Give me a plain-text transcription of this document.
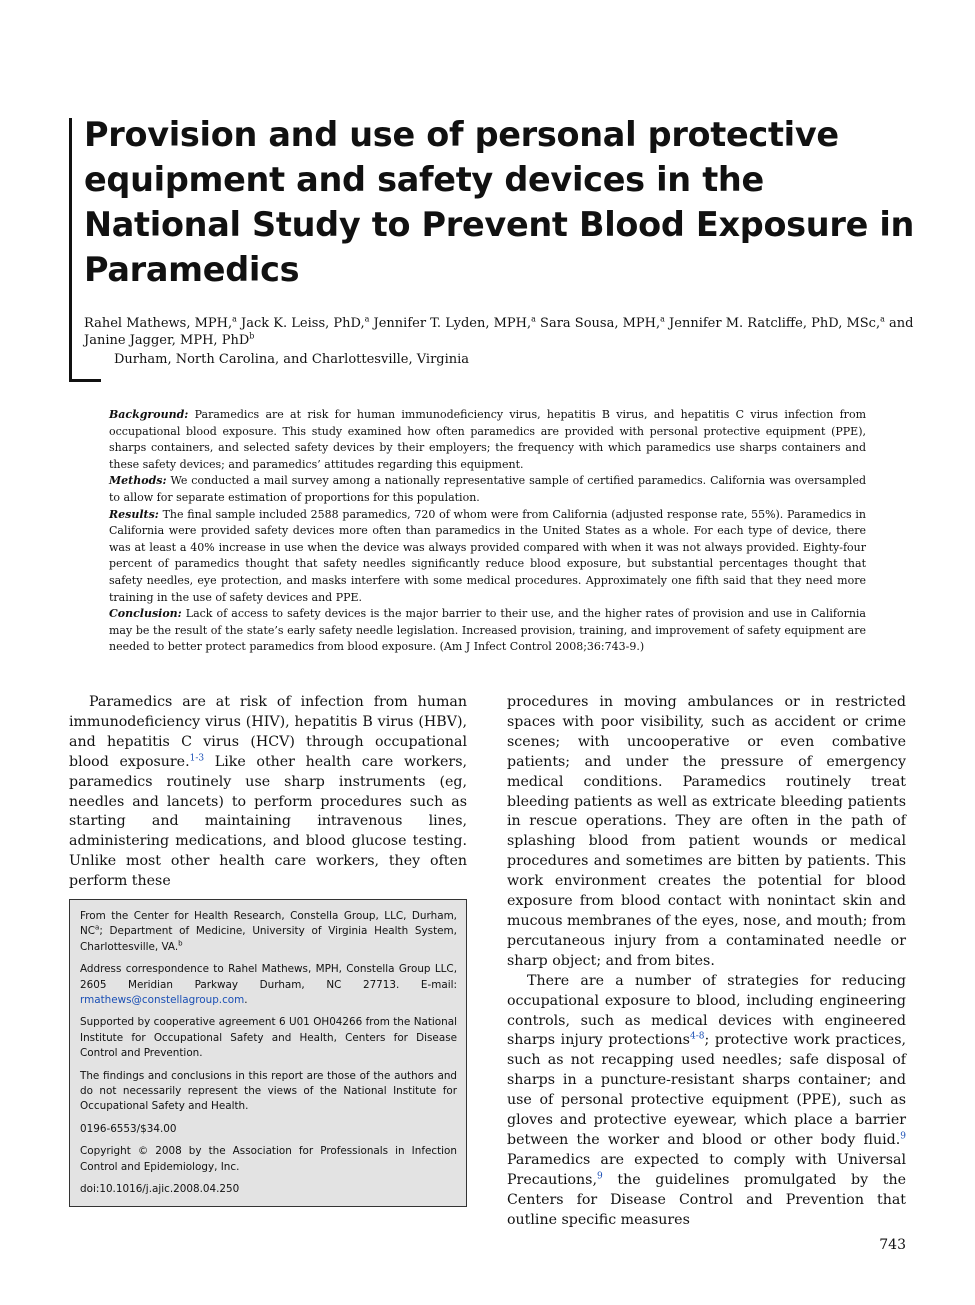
Provision and use of personal protective equipment and safety devices in the National Study to Prevent Blood Exposure in Paramedics

Rahel Mathews, MPH,$^a$ Jack K. Leiss, PhD,$^a$ Jennifer T. Lyden, MPH,$^a$ Sara Sousa, MPH,$^a$ Jennifer M. Ratcliffe, PhD, MSc,$^a$ and Janine Jagger, MPH, PhD$^b$

Durham, North Carolina, and Charlottesville, Virginia

Background: Paramedics are at risk for human immunodeficiency virus, hepatitis B virus, and hepatitis C virus infection from occupational blood exposure. This study examined how often paramedics are provided with personal protective equipment (PPE), sharps containers, and selected safety devices by their employers; the frequency with which paramedics use sharps containers and these safety devices; and paramedics’ attitudes regarding this equipment.

Methods: We conducted a mail survey among a nationally representative sample of certified paramedics. California was oversampled to allow for separate estimation of proportions for this population.

Results: The final sample included 2588 paramedics, 720 of whom were from California (adjusted response rate, 55%). Paramedics in California were provided safety devices more often than paramedics in the United States as a whole. For each type of device, there was at least a 40% increase in use when the device was always provided compared with when it was not always provided. Eighty-four percent of paramedics thought that safety needles significantly reduce blood exposure, but substantial percentages thought that safety needles, eye protection, and masks interfere with some medical procedures. Approximately one fifth said that they need more training in the use of safety devices and PPE.

Conclusion: Lack of access to safety devices is the major barrier to their use, and the higher rates of provision and use in California may be the result of the state’s early safety needle legislation. Increased provision, training, and improvement of safety equipment are needed to better protect paramedics from blood exposure. (Am J Infect Control 2008;36:743-9.)

Paramedics are at risk of infection from human immunodeficiency virus (HIV), hepatitis B virus (HBV), and hepatitis C virus (HCV) through occupational blood exposure.$^{1-3}$ Like other health care workers, paramedics routinely use sharp instruments (eg, needles and lancets) to perform procedures such as starting and maintaining intravenous lines, administering medications, and blood glucose testing. Unlike most other health care workers, they often perform these

From the Center for Health Research, Constella Group, LLC, Durham, $NC^a$; Department of Medicine, University of Virginia Health System, Charlottesville, VA.$^b$

Address correspondence to Rahel Mathews, MPH, Constella Group LLC, 2605 Meridian Parkway Durham, NC 27713. E-mail: rmathews@constellagroup.com.

Supported by cooperative agreement 6 U01 OH04266 from the National Institute for Occupational Safety and Health, Centers for Disease Control and Prevention.

The findings and conclusions in this report are those of the authors and do not necessarily represent the views of the National Institute for Occupational Safety and Health.

0196-6553/$34.00

Copyright © 2008 by the Association for Professionals in Infection Control and Epidemiology, Inc.

doi:10.1016/j.ajic.2008.04.250

procedures in moving ambulances or in restricted spaces with poor visibility, such as accident or crime scenes; with uncooperative or even combative patients; and under the pressure of emergency medical conditions. Paramedics routinely treat bleeding patients as well as extricate bleeding patients in rescue operations. They are often in the path of splashing blood from patient wounds or medical procedures and sometimes are bitten by patients. This work environment creates the potential for blood exposure from blood contact with nonintact skin and mucous membranes of the eyes, nose, and mouth; from percutaneous injury from a contaminated needle or sharp object; and from bites.

There are a number of strategies for reducing occupational exposure to blood, including engineering controls, such as medical devices with engineered sharps injury protections$^{4-8}$; protective work practices, such as not recapping used needles; safe disposal of sharps in a puncture-resistant sharps container; and use of personal protective equipment (PPE), such as gloves and protective eyewear, which place a barrier between the worker and blood or other body fluid.$^9$ Paramedics are expected to comply with Universal Precautions,$^9$ the guidelines promulgated by the Centers for Disease Control and Prevention that outline specific measures

743
